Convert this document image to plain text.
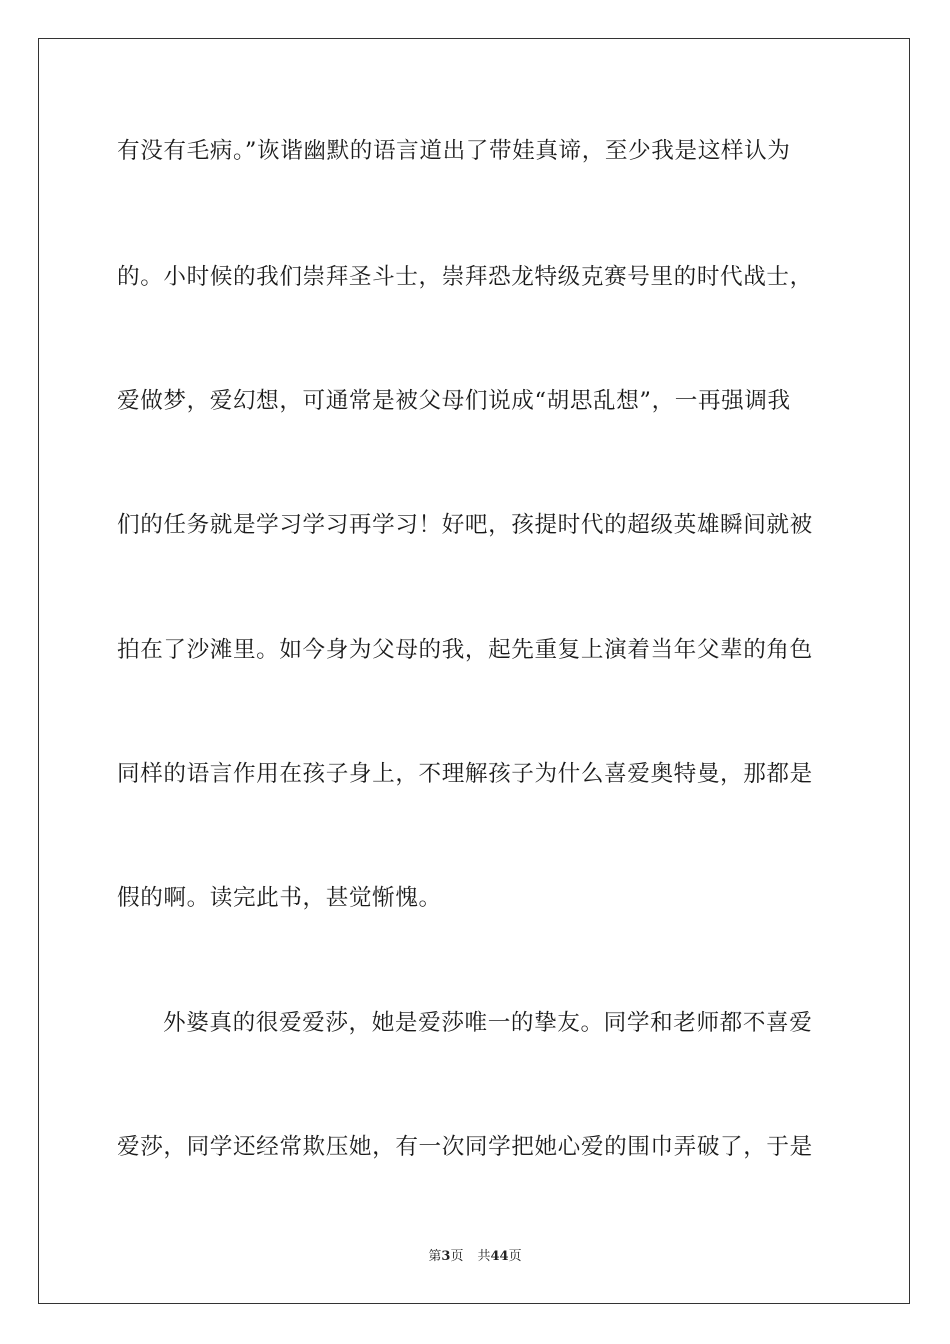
有没有毛病。”诙谐幽默的语言道出了带娃真谛，至少我是这样认为
的。小时候的我们崇拜圣斗士，崇拜恐龙特级克赛号里的时代战士，
爱做梦，爱幻想，可通常是被父母们说成“胡思乱想”，一再强调我
们的任务就是学习学习再学习！好吧，孩提时代的超级英雄瞬间就被
拍在了沙滩里。如今身为父母的我，起先重复上演着当年父辈的角色
同样的语言作用在孩子身上，不理解孩子为什么喜爱奥特曼，那都是
假的啊。读完此书，甚觉惭愧。
外婆真的很爱爱莎，她是爱莎唯一的挚友。同学和老师都不喜爱
爱莎，同学还经常欺压她，有一次同学把她心爱的围巾弄破了，于是
第3页 共44页
